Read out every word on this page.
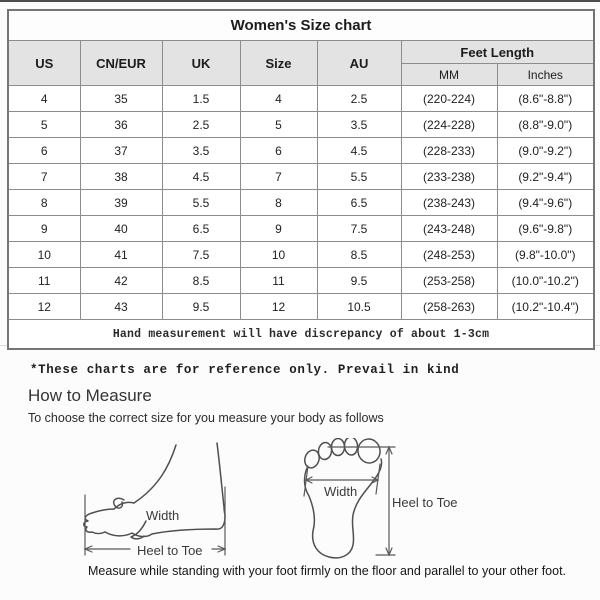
Women's Size chart						
US	CN/EUR	UK	Size	AU	Feet Length	
					MM	Inches
4	35	1.5	4	2.5	(220-224)	(8.6"-8.8")
5	36	2.5	5	3.5	(224-228)	(8.8"-9.0")
6	37	3.5	6	4.5	(228-233)	(9.0"-9.2")
7	38	4.5	7	5.5	(233-238)	(9.2"-9.4")
8	39	5.5	8	6.5	(238-243)	(9.4"-9.6")
9	40	6.5	9	7.5	(243-248)	(9.6"-9.8")
10	41	7.5	10	8.5	(248-253)	(9.8"-10.0")
11	42	8.5	11	9.5	(253-258)	(10.0"-10.2")
12	43	9.5	12	10.5	(258-263)	(10.2"-10.4")
Hand measurement will have discrepancy of about 1-3cm						
*These charts are for reference only. Prevail in kind
How to Measure
To choose the correct size for you measure your body as follows
Width
Heel to Toe
Width
Heel to Toe
Measure while standing with your foot firmly on the floor and parallel to your other foot.
